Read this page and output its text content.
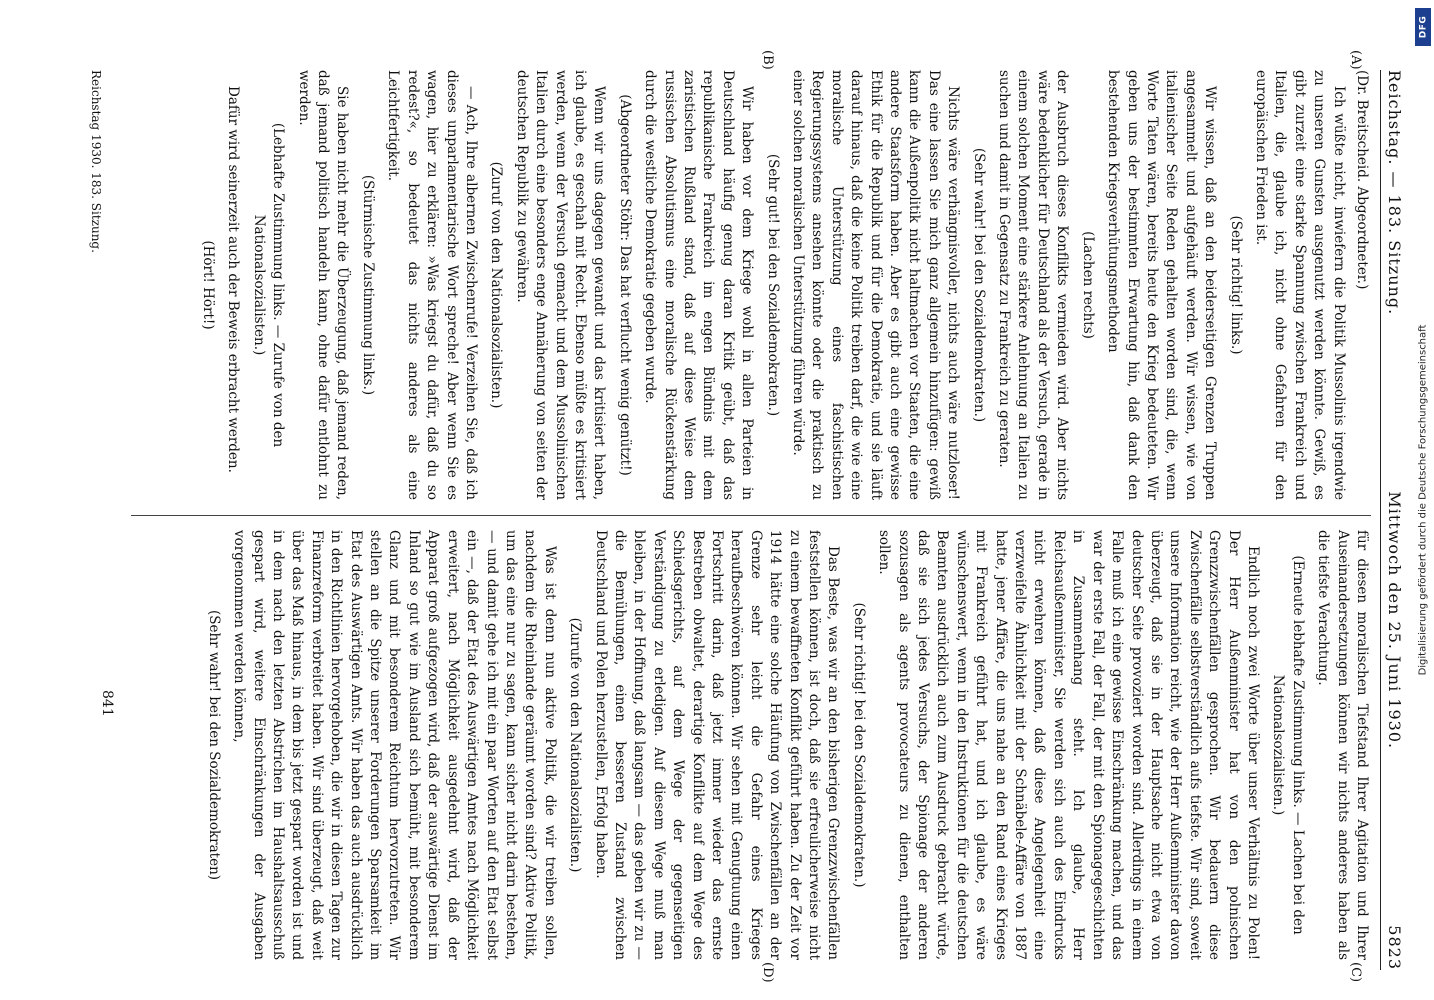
Reichstag. — 183. Sitzung.
Mittwoch den 25. Juni 1930.
5823
(A)
(B)
(C)
(D)

(Dr. Breitscheid. Abgeordneter.)

Ich wüßte nicht, inwiefern die Politik Mussolinis irgendwie zu unseren Gunsten ausgenutzt werden könnte. Gewiß, es gibt zurzeit eine starke Spannung zwischen Frankreich und Italien, die, glaube ich, nicht ohne Gefahren für den europäischen Frieden ist.

(Sehr richtig! links.)

Wir wissen, daß an den beiderseitigen Grenzen Truppen angesammelt und aufgehäuft werden. Wir wissen, wie von italienischer Seite Reden gehalten worden sind, die, wenn Worte Taten wären, bereits heute den Krieg bedeuteten. Wir geben uns der bestimmten Erwartung hin, daß dank den bestehenden Kriegsverhütungsmethoden

(Lachen rechts)

der Ausbruch dieses Konflikts vermieden wird. Aber nichts wäre bedenklicher für Deutschland als der Versuch, gerade in einem solchen Moment eine stärkere Anlehnung an Italien zu suchen und damit in Gegensatz zu Frankreich zu geraten.

(Sehr wahr! bei den Sozialdemokraten.)

Nichts wäre verhängnisvoller, nichts auch wäre nutzloser! Das eine lassen Sie mich ganz allgemein hinzufügen: gewiß kann die Außenpolitik nicht haltmachen vor Staaten, die eine andere Staatsform haben. Aber es gibt auch eine gewisse Ethik für die Republik und für die Demokratie, und sie läuft darauf hinaus, daß die keine Politik treiben darf, die wie eine moralische Unterstützung eines faschistischen Regierungssystems ansehen könnte oder die praktisch zu einer solchen moralischen Unterstützung führen würde.

(Sehr gut! bei den Sozialdemokraten.)

Wir haben vor dem Kriege wohl in allen Parteien in Deutschland häufig genug daran Kritik geübt, daß das republikanische Frankreich im engen Bündnis mit dem zaristischen Rußland stand, daß auf diese Weise dem russischen Absolutismus eine moralische Rückenstärkung durch die westliche Demokratie gegeben wurde.

(Abgeordneter Stöhr: Das hat verflucht wenig genützt!)

Wenn wir uns dagegen gewandt und das kritisiert haben, ich glaube, es geschah mit Recht. Ebenso müßte es kritisiert werden, wenn der Versuch gemacht und dem Mussolinischen Italien durch eine besonders enge Annäherung von seiten der deutschen Republik zu gewähren.

(Zuruf von den Nationalsozialisten.)

— Ach, Ihre albernen Zwischenrufe! Verzeihen Sie, daß ich dieses unparlamentarische Wort spreche! Aber wenn Sie es wagen, hier zu erklären: »Was kriegst du dafür, daß du so redest?«, so bedeutet das nichts anderes als eine Leichtfertigkeit.

(Stürmische Zustimmung links.)

Sie haben nicht mehr die Überzeugung, daß jemand reden, daß jemand politisch handeln kann, ohne dafür entlohnt zu werden.

(Lebhafte Zustimmung links. — Zurufe von den Nationalsozialisten.)

Dafür wird seinerzeit auch der Beweis erbracht werden.

(Hört! Hört!)

für diesen moralischen Tiefstand Ihrer Agitation und Ihrer Auseinandersetzungen können wir nichts anderes haben als die tiefste Verachtung.

(Erneute lebhafte Zustimmung links. — Lachen bei den Nationalsozialisten.)

Endlich noch zwei Worte über unser Verhältnis zu Polen! Der Herr Außenminister hat von den polnischen Grenzzwischenfällen gesprochen. Wir bedauern diese Zwischenfälle selbstverständlich aufs tiefste. Wir sind, soweit unsere Information reicht, wie der Herr Außenminister davon überzeugt, daß sie in der Hauptsache nicht etwa von deutscher Seite provoziert worden sind. Allerdings in einem Falle muß ich eine gewisse Einschränkung machen, und das war der erste Fall, der Fall, der mit den Spionagegeschichten in Zusammenhang steht. Ich glaube, Herr Reichsaußenminister, Sie werden sich auch des Eindrucks nicht erwehren können, daß diese Angelegenheit eine verzweifelte Ähnlichkeit mit der Schnäbele-Affäre von 1887 hatte, jener Affäre, die uns nahe an den Rand eines Krieges mit Frankreich geführt hat, und ich glaube, es wäre wünschenswert, wenn in den Instruktionen für die deutschen Beamten ausdrücklich auch zum Ausdruck gebracht würde, daß sie sich jedes Versuchs, der Spionage der anderen sozusagen als agents provocateurs zu dienen, enthalten sollen.

(Sehr richtig! bei den Sozialdemokraten.)

Das Beste, was wir an den bisherigen Grenzzwischenfällen feststellen können, ist doch, daß sie erfreulicherweise nicht zu einem bewaffneten Konflikt geführt haben. Zu der Zeit vor 1914 hätte eine solche Häufung von Zwischenfällen an der Grenze sehr leicht die Gefahr eines Krieges heraufbeschwören können. Wir sehen mit Genugtuung einen Fortschritt darin, daß jetzt immer wieder das ernste Bestreben obwaltet, derartige Konflikte auf dem Wege des Schiedsgerichts, auf dem Wege der gegenseitigen Verständigung zu erledigen. Auf diesem Wege muß man bleiben, in der Hoffnung, daß langsam — das geben wir zu — die Bemühungen, einen besseren Zustand zwischen Deutschland und Polen herzustellen, Erfolg haben.

(Zurufe von den Nationalsozialisten.)

Was ist denn nun aktive Politik, die wir treiben sollen, nachdem die Rheinlande geräumt worden sind? Aktive Politik, um das eine nur zu sagen, kann sicher nicht darin bestehen, — und damit gehe ich mit ein paar Worten auf den Etat selbst ein —, daß der Etat des Auswärtigen Amtes nach Möglichkeit erweitert, nach Möglichkeit ausgedehnt wird, daß der Apparat groß aufgezogen wird, daß der auswärtige Dienst im Inland so gut wie im Ausland sich bemüht, mit besonderem Glanz und mit besonderem Reichtum hervorzutreten. Wir stellen an die Spitze unserer Forderungen Sparsamkeit im Etat des Auswärtigen Amts. Wir haben das auch ausdrücklich in den Richtlinien hervorgehoben, die wir in diesen Tagen zur Finanzreform verbreitet haben. Wir sind überzeugt, daß weit über das Maß hinaus, in dem bis jetzt gespart worden ist und in dem nach den letzten Abstrichen im Haushaltsausschuß gespart wird, weitere Einschränkungen der Ausgaben vorgenommen werden können,

(Sehr wahr! bei den Sozialdemokraten)

Reichstag 1930. 183. Sitzung.
841
Digitalisierung gefördert durch die Deutsche Forschungsgemeinschaft
DFG
